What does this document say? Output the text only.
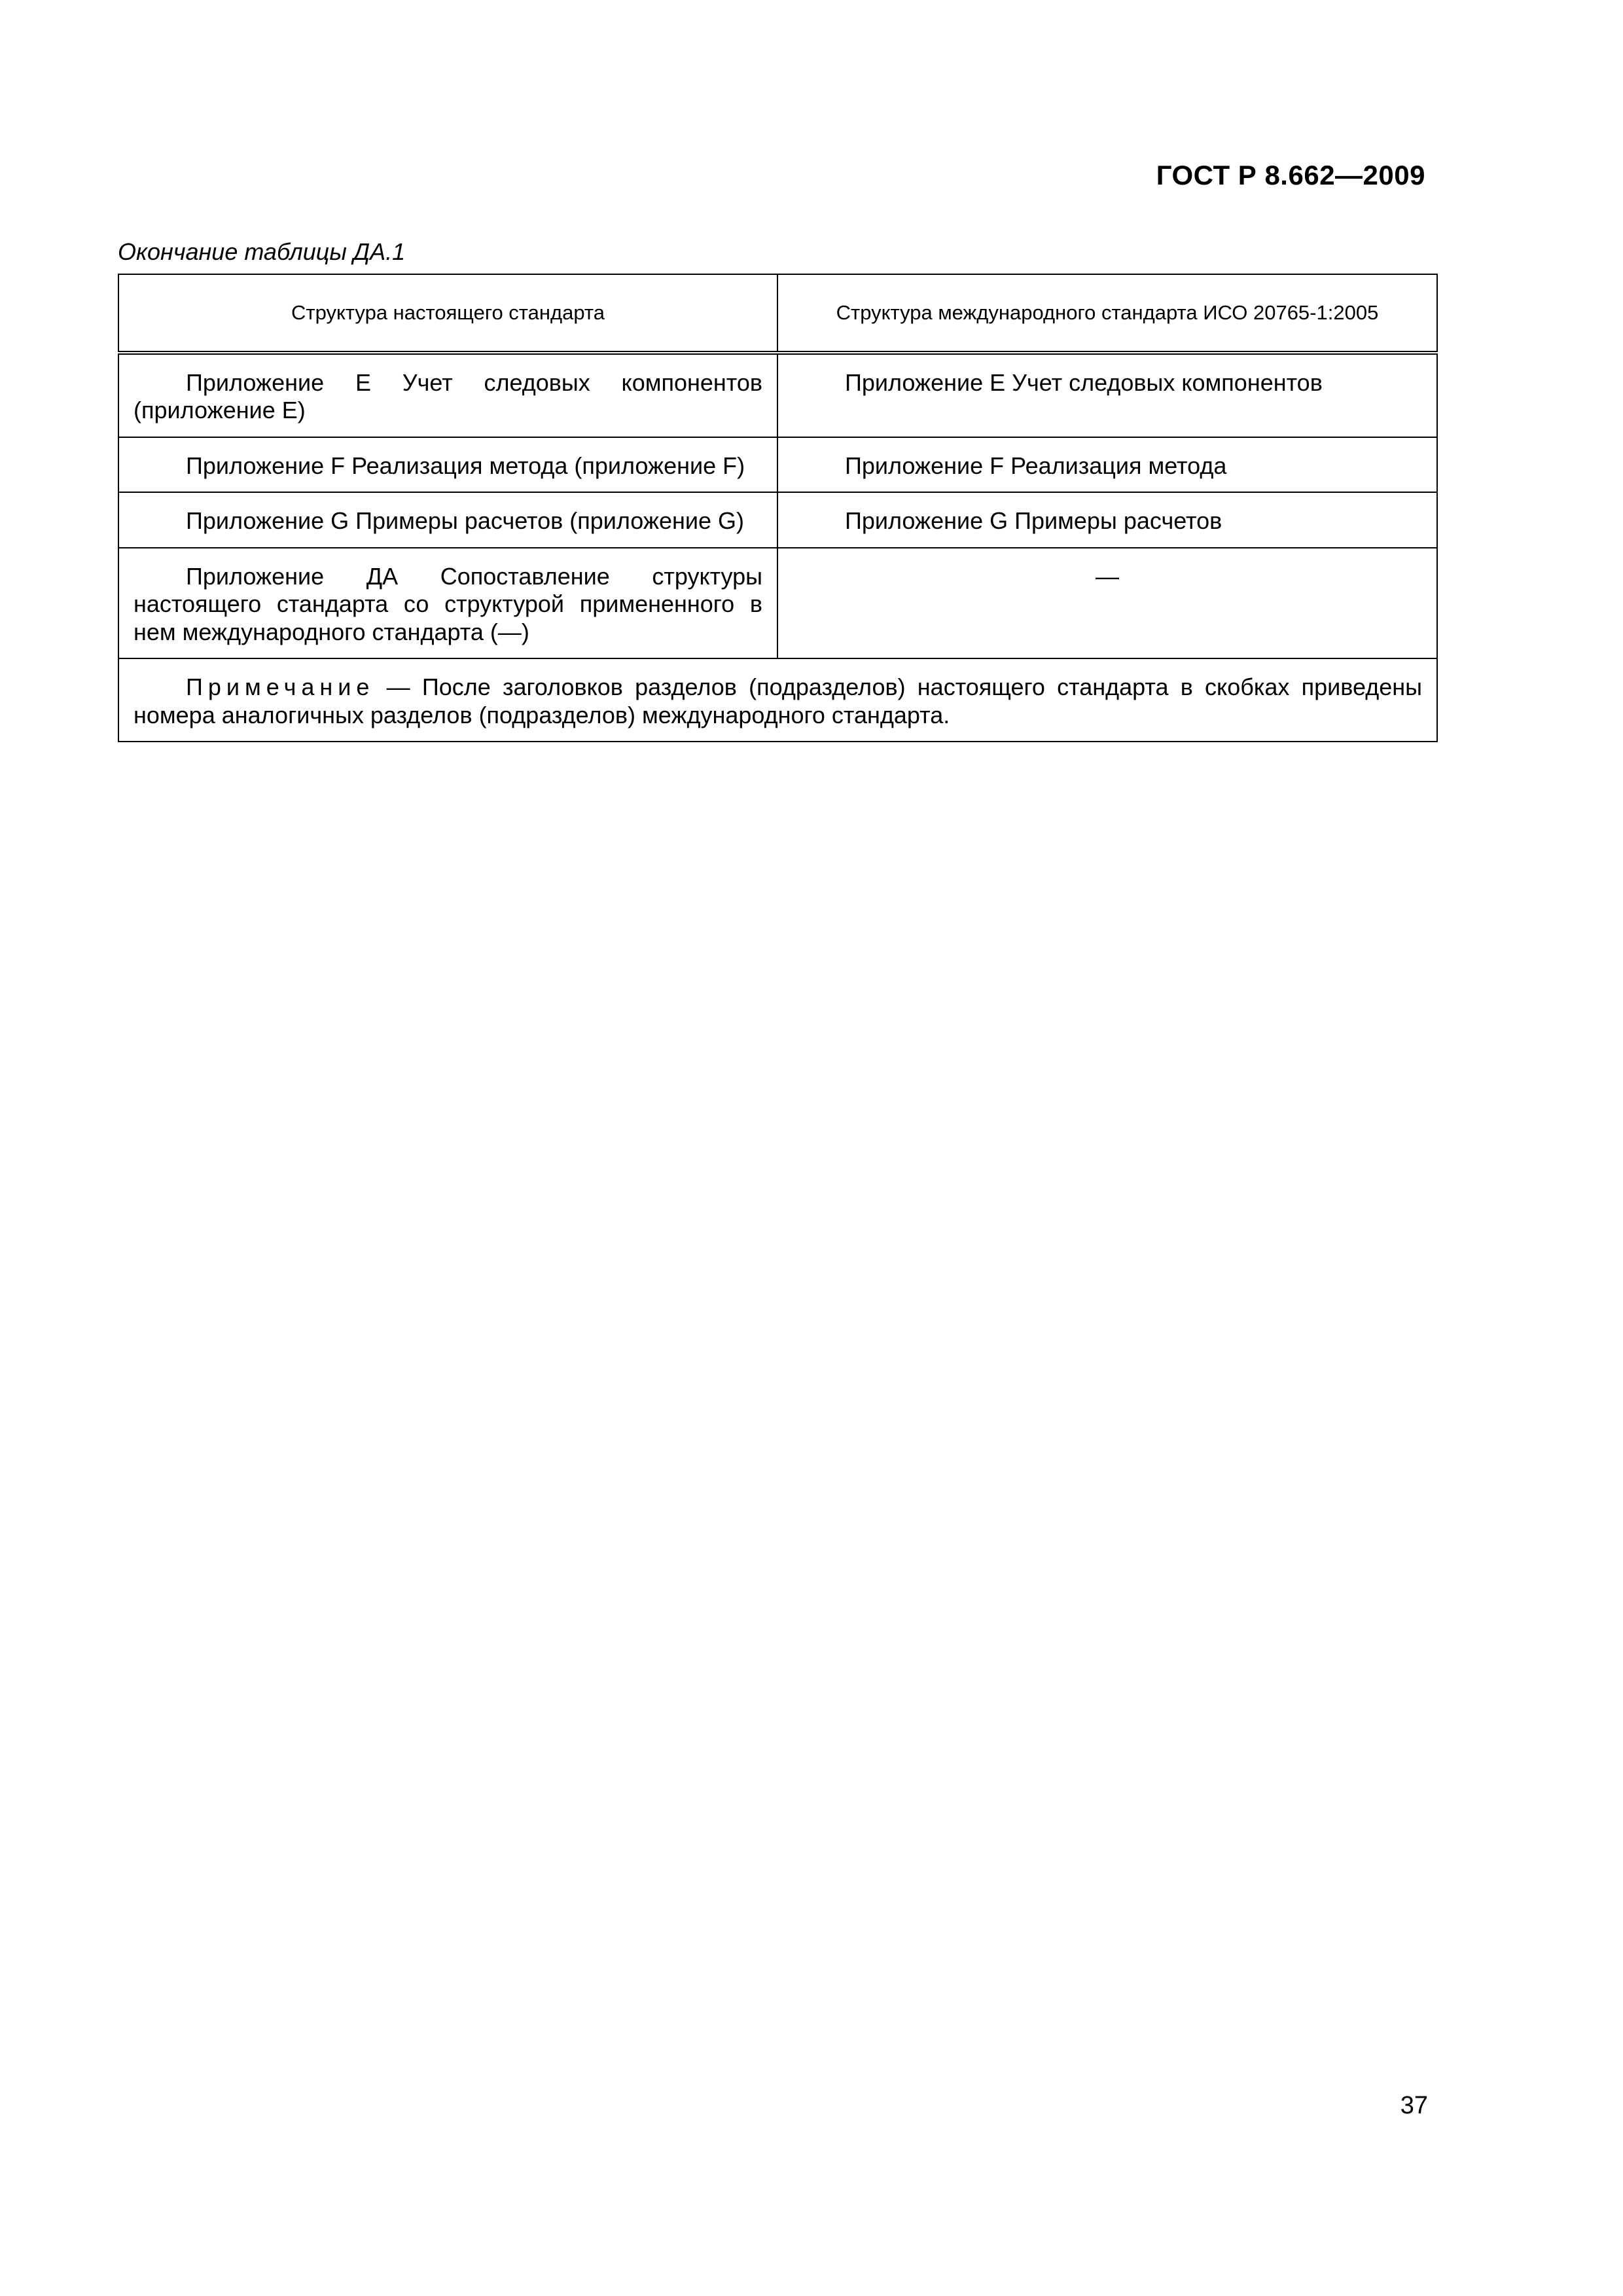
ГОСТ Р 8.662—2009
Окончание таблицы ДА.1
Структура настоящего стандарта	Структура международного стандарта ИСО 20765-1:2005

Приложение Е Учет следовых компонентов (приложение E)	Приложение Е Учет следовых компонентов

Приложение F Реализация метода (приложение F)	Приложение F Реализация метода

Приложение G Примеры расчетов (приложение G)	Приложение G Примеры расчетов

Приложение ДА Сопоставление структуры настоящего стандарта со структурой примененного в нем международного стандарта (—)	—

Примечание — После заголовков разделов (подразделов) настоящего стандарта в скобках приведены номера аналогичных разделов (подразделов) международного стандарта.	
37
